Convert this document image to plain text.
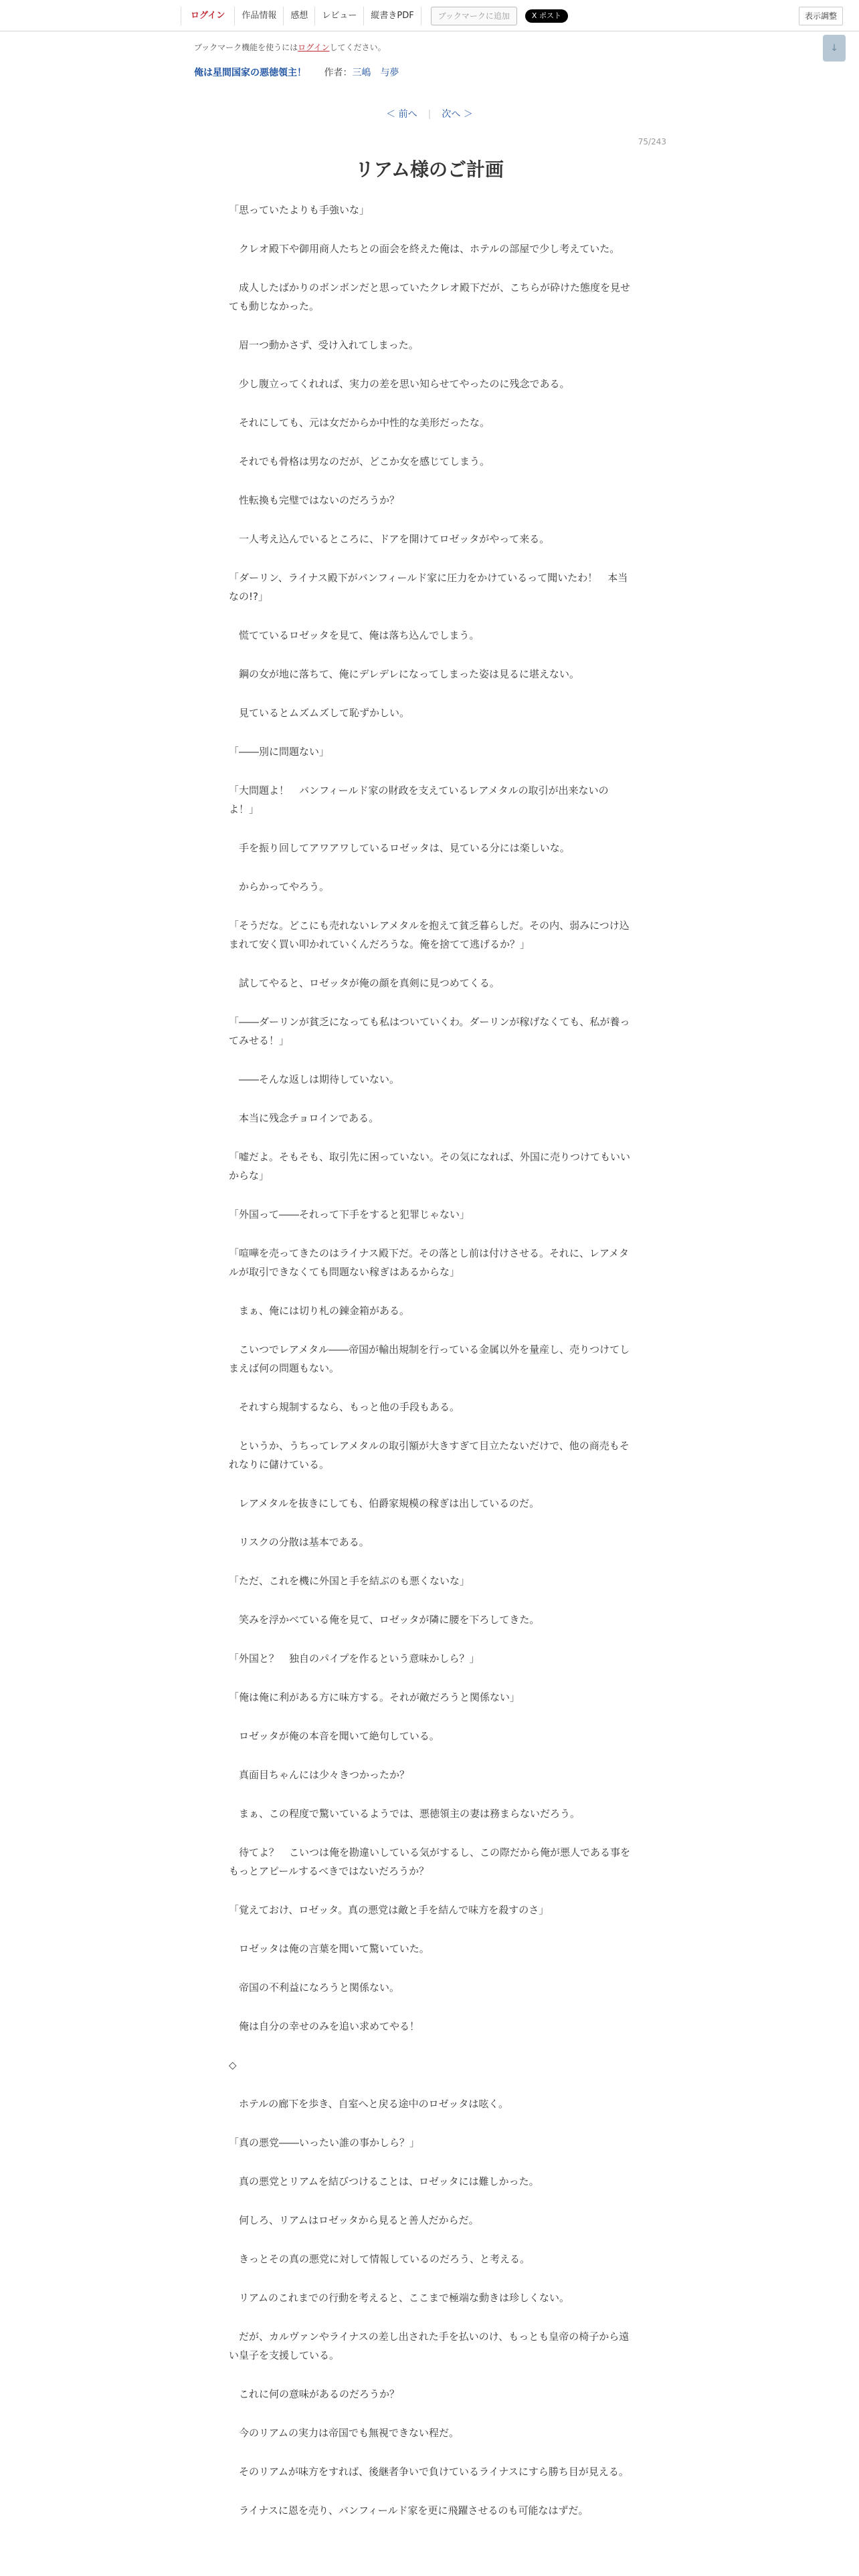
ログイン	作品情報	感想	レビュー	縦書きPDF	ブックマークに追加	X ポスト	表示調整
↓
ブックマーク機能を使うにはログインしてください。
俺は星間国家の悪徳領主！ 作者：三嶋　与夢
＜ 前へ | 次へ ＞
75/243
リアム様のご計画

「思っていたよりも手強いな」

　クレオ殿下や御用商人たちとの面会を終えた俺は、ホテルの部屋で少し考えていた。

　成人したばかりのボンボンだと思っていたクレオ殿下だが、こちらが砕けた態度を見せても動じなかった。

　眉一つ動かさず、受け入れてしまった。

　少し腹立ってくれれば、実力の差を思い知らせてやったのに残念である。

　それにしても、元は女だからか中性的な美形だったな。

　それでも骨格は男なのだが、どこか女を感じてしまう。

　性転換も完璧ではないのだろうか？

　一人考え込んでいるところに、ドアを開けてロゼッタがやって来る。

「ダーリン、ライナス殿下がバンフィールド家に圧力をかけているって聞いたわ！　本当なの!?」

　慌てているロゼッタを見て、俺は落ち込んでしまう。

　鋼の女が地に落ちて、俺にデレデレになってしまった姿は見るに堪えない。

　見ているとムズムズして恥ずかしい。

「――別に問題ない」

「大問題よ！　バンフィールド家の財政を支えているレアメタルの取引が出来ないのよ！」

　手を振り回してアワアワしているロゼッタは、見ている分には楽しいな。

　からかってやろう。

「そうだな。どこにも売れないレアメタルを抱えて貧乏暮らしだ。その内、弱みにつけ込まれて安く買い叩かれていくんだろうな。俺を捨てて逃げるか？」

　試してやると、ロゼッタが俺の顔を真剣に見つめてくる。

「――ダーリンが貧乏になっても私はついていくわ。ダーリンが稼げなくても、私が養ってみせる！」

　――そんな返しは期待していない。

　本当に残念チョロインである。

「嘘だよ。そもそも、取引先に困っていない。その気になれば、外国に売りつけてもいいからな」

「外国って――それって下手をすると犯罪じゃない」

「喧嘩を売ってきたのはライナス殿下だ。その落とし前は付けさせる。それに、レアメタルが取引できなくても問題ない稼ぎはあるからな」

　まぁ、俺には切り札の錬金箱がある。

　こいつでレアメタル――帝国が輸出規制を行っている金属以外を量産し、売りつけてしまえば何の問題もない。

　それすら規制するなら、もっと他の手段もある。

　というか、うちってレアメタルの取引額が大きすぎて目立たないだけで、他の商売もそれなりに儲けている。

　レアメタルを抜きにしても、伯爵家規模の稼ぎは出しているのだ。

　リスクの分散は基本である。

「ただ、これを機に外国と手を結ぶのも悪くないな」

　笑みを浮かべている俺を見て、ロゼッタが隣に腰を下ろしてきた。

「外国と？　独自のパイプを作るという意味かしら？」

「俺は俺に利がある方に味方する。それが敵だろうと関係ない」

　ロゼッタが俺の本音を聞いて絶句している。

　真面目ちゃんには少々きつかったか？

　まぁ、この程度で驚いているようでは、悪徳領主の妻は務まらないだろう。

　待てよ？　こいつは俺を勘違いしている気がするし、この際だから俺が悪人である事をもっとアピールするべきではないだろうか？

「覚えておけ、ロゼッタ。真の悪党は敵と手を結んで味方を殺すのさ」

　ロゼッタは俺の言葉を聞いて驚いていた。

　帝国の不利益になろうと関係ない。

　俺は自分の幸せのみを追い求めてやる！

◇

　ホテルの廊下を歩き、自室へと戻る途中のロゼッタは呟く。

「真の悪党――いったい誰の事かしら？」

　真の悪党とリアムを結びつけることは、ロゼッタには難しかった。

　何しろ、リアムはロゼッタから見ると善人だからだ。

　きっとその真の悪党に対して情報しているのだろう、と考える。

　リアムのこれまでの行動を考えると、ここまで極端な動きは珍しくない。

　だが、カルヴァンやライナスの差し出された手を払いのけ、もっとも皇帝の椅子から遠い皇子を支援している。

　これに何の意味があるのだろうか？

　今のリアムの実力は帝国でも無視できない程だ。

　そのリアムが味方をすれば、後継者争いで負けているライナスにすら勝ち目が見える。

　ライナスに恩を売り、バンフィールド家を更に飛躍させるのも可能なはずだ。
